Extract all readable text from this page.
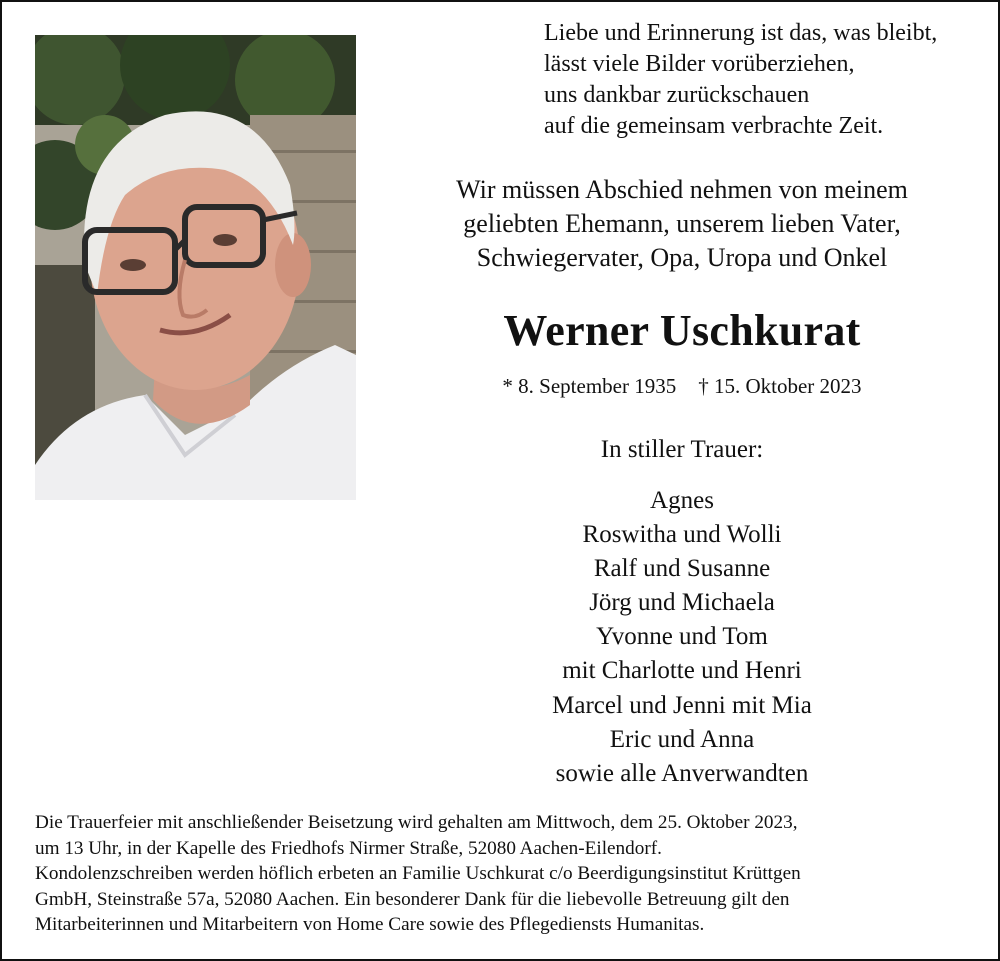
Liebe und Erinnerung ist das, was bleibt,
lässt viele Bilder vorüberziehen,
uns dankbar zurückschauen
auf die gemeinsam verbrachte Zeit.
Wir müssen Abschied nehmen von meinem
geliebten Ehemann, unserem lieben Vater,
Schwiegervater, Opa, Uropa und Onkel
Werner Uschkurat
* 8. September 1935 † 15. Oktober 2023
In stiller Trauer:
Agnes
Roswitha und Wolli
Ralf und Susanne
Jörg und Michaela
Yvonne und Tom
mit Charlotte und Henri
Marcel und Jenni mit Mia
Eric und Anna
sowie alle Anverwandten
Die Trauerfeier mit anschließender Beisetzung wird gehalten am Mittwoch, dem 25. Oktober 2023,
um 13 Uhr, in der Kapelle des Friedhofs Nirmer Straße, 52080 Aachen-Eilendorf.
Kondolenzschreiben werden höflich erbeten an Familie Uschkurat c/o Beerdigungsinstitut Krüttgen
GmbH, Steinstraße 57a, 52080 Aachen. Ein besonderer Dank für die liebevolle Betreuung gilt den
Mitarbeiterinnen und Mitarbeitern von Home Care sowie des Pflegediensts Humanitas.
